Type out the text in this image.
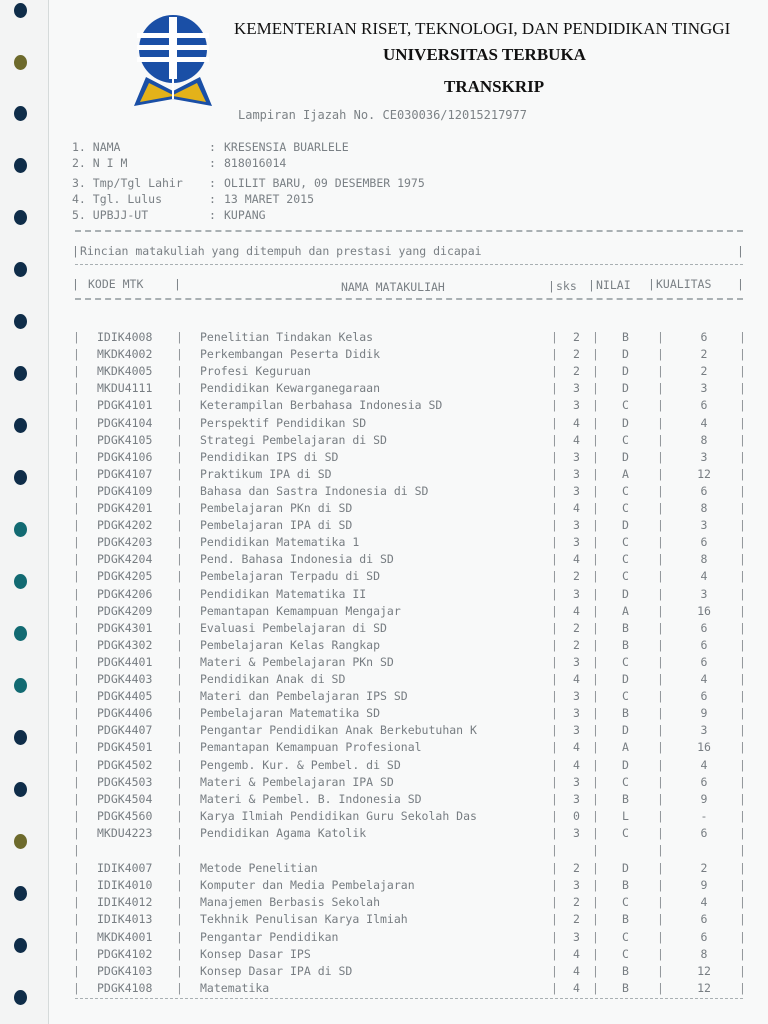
KEMENTERIAN RISET, TEKNOLOGI, DAN PENDIDIKAN TINGGI
UNIVERSITAS TERBUKA
TRANSKRIP
Lampiran Ijazah No. CE030036/12015217977
1. NAMA	: KRESENSIA BUARLELE
2. N I M	: 818016014
3. Tmp/Tgl Lahir : OLILIT BARU, 09 DESEMBER 1975
4. Tgl. Lulus	: 13 MARET 2015
5. UPBJJ-UT	: KUPANG
| Rincian matakuliah yang ditempuh dan prestasi yang dicapai	|
| KODE MTK	|	NAMA MATAKULIAH	| sks | NILAI | KUALITAS |
| IDIK4008 | Penelitian Tindakan Kelas	| 2 | B |	6	|
| MKDK4002 | Perkembangan Peserta Didik	| 2 | D |	2	|
| MKDK4005 | Profesi Keguruan	| 2 | D |	2	|
| MKDU4111 | Pendidikan Kewarganegaraan	| 3 | D |	3	|
| PDGK4101 | Keterampilan Berbahasa Indonesia SD	| 3 | C |	6	|
| PDGK4104 | Perspektif Pendidikan SD	| 4 | D |	4	|
| PDGK4105 | Strategi Pembelajaran di SD	| 4 | C |	8	|
| PDGK4106 | Pendidikan IPS di SD	| 3 | D |	3	|
| PDGK4107 | Praktikum IPA di SD	| 3 | A |	12 |
| PDGK4109 | Bahasa dan Sastra Indonesia di SD	| 3 | C |	6	|
| PDGK4201 | Pembelajaran PKn di SD	| 4 | C |	8	|
| PDGK4202 | Pembelajaran IPA di SD	| 3 | D |	3	|
| PDGK4203 | Pendidikan Matematika 1	| 3 | C |	6	|
| PDGK4204 | Pend. Bahasa Indonesia di SD	| 4 | C |	8	|
| PDGK4205 | Pembelajaran Terpadu di SD	| 2 | C |	4	|
| PDGK4206 | Pendidikan Matematika II	| 3 | D |	3	|
| PDGK4209 | Pemantapan Kemampuan Mengajar	| 4 | A |	16 |
| PDGK4301 | Evaluasi Pembelajaran di SD	| 2 | B |	6	|
| PDGK4302 | Pembelajaran Kelas Rangkap	| 2 | B |	6	|
| PDGK4401 | Materi & Pembelajaran PKn SD	| 3 | C |	6	|
| PDGK4403 | Pendidikan Anak di SD	| 4 | D |	4	|
| PDGK4405 | Materi dan Pembelajaran IPS SD	| 3 | C |	6	|
| PDGK4406 | Pembelajaran Matematika SD	| 3 | B |	9	|
| PDGK4407 | Pengantar Pendidikan Anak Berkebutuhan K	| 3 | D |	3	|
| PDGK4501 | Pemantapan Kemampuan Profesional	| 4 | A |	16 |
| PDGK4502 | Pengemb. Kur. & Pembel. di SD	| 4 | D |	4	|
| PDGK4503 | Materi & Pembelajaran IPA SD	| 3 | C |	6	|
| PDGK4504 | Materi & Pembel. B. Indonesia SD	| 3 | B |	9	|
| PDGK4560 | Karya Ilmiah Pendidikan Guru Sekolah Das	| 0 | L |	-	|
| MKDU4223 | Pendidikan Agama Katolik	| 3 | C |	6	|
|	|	|	|	|	|
| IDIK4007 | Metode Penelitian	| 2 | D |	2	|
| IDIK4010 | Komputer dan Media Pembelajaran	| 3 | B |	9	|
| IDIK4012 | Manajemen Berbasis Sekolah	| 2 | C |	4	|
| IDIK4013 | Tekhnik Penulisan Karya Ilmiah	| 2 | B |	6	|
| MKDK4001 | Pengantar Pendidikan	| 3 | C |	6	|
| PDGK4102 | Konsep Dasar IPS	| 4 | C |	8	|
| PDGK4103 | Konsep Dasar IPA di SD	| 4 | B |	12 |
| PDGK4108 | Matematika	| 4 | B |	12 |
